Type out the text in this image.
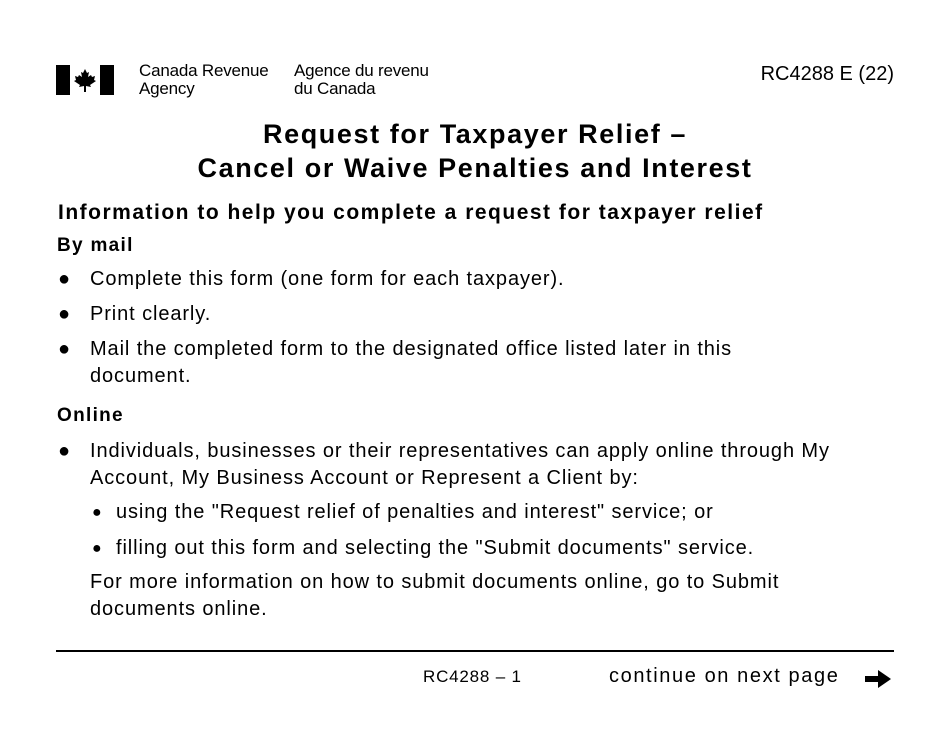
Canada Revenue
Agency
Agence du revenu
du Canada
RC4288 E (22)
Request for Taxpayer Relief –
Cancel or Waive Penalties and Interest
Information to help you complete a request for taxpayer relief
By mail
● Complete this form (one form for each taxpayer).
● Print clearly.
● Mail the completed form to the designated office listed later in this document.
Online
● Individuals, businesses or their representatives can apply online through My Account, My Business Account or Represent a Client by:
● using the "Request relief of penalties and interest" service; or
● filling out this form and selecting the "Submit documents" service.
For more information on how to submit documents online, go to Submit documents online.
RC4288 – 1	continue on next page
